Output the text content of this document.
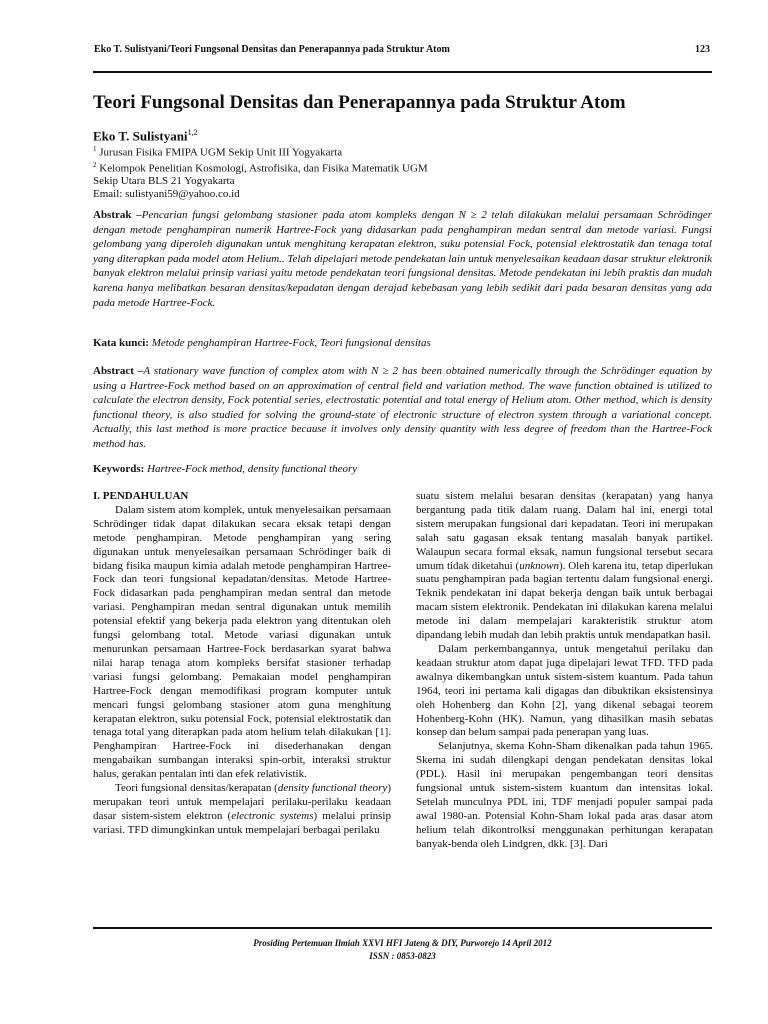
Eko T. Sulistyani/Teori Fungsonal Densitas dan Penerapannya pada Struktur Atom	123
Teori Fungsonal Densitas dan Penerapannya pada Struktur Atom
Eko T. Sulistyani$^{1,2}$
$^1$ Jurusan Fisika FMIPA UGM Sekip Unit III Yogyakarta
$^2$ Kelompok Penelitian Kosmologi, Astrofisika, dan Fisika Matematik UGM
Sekip Utara BLS 21 Yogyakarta
Email: sulistyani59@yahoo.co.id
Abstrak –Pencarian fungsi gelombang stasioner pada atom kompleks dengan N ≥ 2 telah dilakukan melalui persamaan Schrödinger dengan metode penghampiran numerik Hartree-Fock yang didasarkan pada penghampiran medan sentral dan metode variasi. Fungsi gelombang yang diperoleh digunakan untuk menghitung kerapatan elektron, suku potensial Fock, potensial elektrostatik dan tenaga total yang diterapkan pada model atom Helium.. Telah dipelajari metode pendekatan lain untuk menyelesaikan keadaan dasar struktur elektronik banyak elektron melalui prinsip variasi yaitu metode pendekatan teori fungsional densitas. Metode pendekatan ini lebih praktis dan mudah karena hanya melibatkan besaran densitas/kepadatan dengan derajad kebebasan yang lebih sedikit dari pada besaran densitas yang ada pada metode Hartree-Fock.
Kata kunci: Metode penghampiran Hartree-Fock, Teori fungsional densitas
Abstract –A stationary wave function of complex atom with N ≥ 2 has been obtained numerically through the Schrödinger equation by using a Hartree-Fock method based on an approximation of central field and variation method. The wave function obtained is utilized to calculate the electron density, Fock potential series, electrostatic potential and total energy of Helium atom. Other method, which is density functional theory, is also studied for solving the ground-state of electronic structure of electron system through a variational concept. Actually, this last method is more practice because it involves only density quantity with less degree of freedom than the Hartree-Fock method has.
Keywords: Hartree-Fock method, density functional theory
I. PENDAHULUAN

Dalam sistem atom komplek, untuk menyelesaikan persamaan Schrödinger tidak dapat dilakukan secara eksak tetapi dengan metode penghampiran. Metode penghampiran yang sering digunakan untuk menyelesaikan persamaan Schrödinger baik di bidang fisika maupun kimia adalah metode penghampiran Hartree-Fock dan teori fungsional kepadatan/densitas. Metode Hartree-Fock didasarkan pada penghampiran medan sentral dan metode variasi. Penghampiran medan sentral digunakan untuk memilih potensial efektif yang bekerja pada elektron yang ditentukan oleh fungsi gelombang total. Metode variasi digunakan untuk menurunkan persamaan Hartree-Fock berdasarkan syarat bahwa nilai harap tenaga atom kompleks bersifat stasioner terhadap variasi fungsi gelombang. Pemakaian model penghampiran Hartree-Fock dengan memodifikasi program komputer untuk mencari fungsi gelombang stasioner atom guna menghitung kerapatan elektron, suku potensial Fock, potensial elektrostatik dan tenaga total yang diterapkan pada atom helium telah dilakukan [1]. Penghampiran Hartree-Fock ini disederhanakan dengan mengabaikan sumbangan interaksi spin-orbit, interaksi struktur halus, gerakan pentalan inti dan efek relativistik.

Teori fungsional densitas/kerapatan (density functional theory) merupakan teori untuk mempelajari perilaku-perilaku keadaan dasar sistem-sistem elektron (electronic systems) melalui prinsip variasi. TFD dimungkinkan untuk mempelajari berbagai perilaku

suatu sistem melalui besaran densitas (kerapatan) yang hanya bergantung pada titik dalam ruang. Dalam hal ini, energi total sistem merupakan fungsional dari kepadatan. Teori ini merupakan salah satu gagasan eksak tentang masalah banyak partikel. Walaupun secara formal eksak, namun fungsional tersebut secara umum tidak diketahui (unknown). Oleh karena itu, tetap diperlukan suatu penghampiran pada bagian tertentu dalam fungsional energi. Teknik pendekatan ini dapat bekerja dengan baik untuk berbagai macam sistem elektronik. Pendekatan ini dilakukan karena melalui metode ini dalam mempelajari karakteristik struktur atom dipandang lebih mudah dan lebih praktis untuk mendapatkan hasil.

Dalam perkembangannya, untuk mengetahui perilaku dan keadaan struktur atom dapat juga dipelajari lewat TFD. TFD pada awalnya dikembangkan untuk sistem-sistem kuantum. Pada tahun 1964, teori ini pertama kali digagas dan dibuktikan eksistensinya oleh Hohenberg dan Kohn [2], yang dikenal sebagai teorem Hohenberg-Kohn (HK). Namun, yang dihasilkan masih sebatas konsep dan belum sampai pada penerapan yang luas.

Selanjutnya, skema Kohn-Sham dikenalkan pada tahun 1965. Skema ini sudah dilengkapi dengan pendekatan densitas lokal (PDL). Hasil ini merupakan pengembangan teori densitas fungsional untuk sistem-sistem kuantum dan intensitas lokal. Setelah munculnya PDL ini, TDF menjadi populer sampai pada awal 1980-an. Potensial Kohn-Sham lokal pada aras dasar atom helium telah dikontrolksi menggunakan perhitungan kerapatan banyak-benda oleh Lindgren, dkk. [3]. Dari

Prosiding Pertemuan Ilmiah XXVI HFI Jateng & DIY, Purworejo 14 April 2012
ISSN : 0853-0823
